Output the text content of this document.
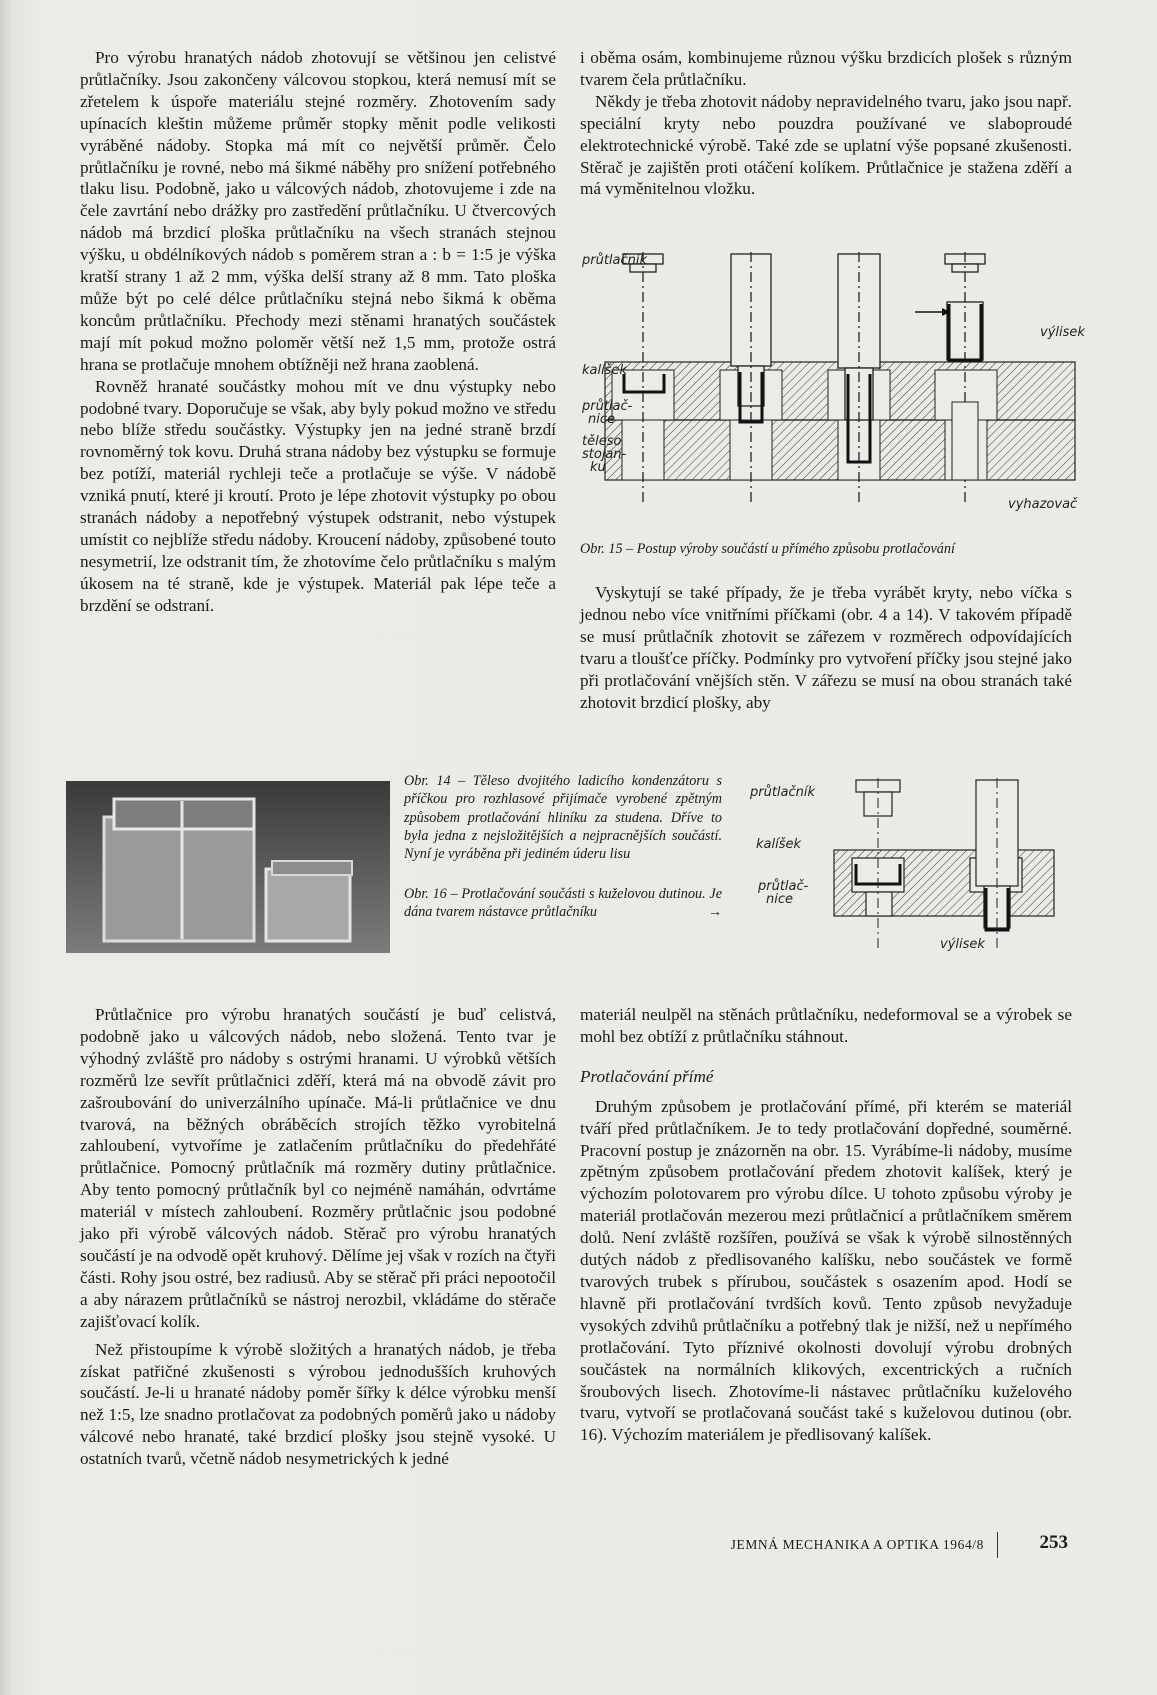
Pro výrobu hranatých nádob zhotovují se většinou jen celistvé průtlačníky. Jsou zakončeny válcovou stopkou, která nemusí mít se zřetelem k úspoře materiálu stejné rozměry. Zhotovením sady upínacích kleštin můžeme průměr stopky měnit podle velikosti vyráběné nádoby. Stopka má mít co největší průměr. Čelo průtlačníku je rovné, nebo má šikmé náběhy pro snížení potřebného tlaku lisu. Podobně, jako u válcových nádob, zhotovujeme i zde na čele zavrtání nebo drážky pro zastředění průtlačníku. U čtvercových nádob má brzdicí ploška průtlačníku na všech stranách stejnou výšku, u obdélníkových nádob s poměrem stran a : b = 1:5 je výška kratší strany 1 až 2 mm, výška delší strany až 8 mm. Tato ploška může být po celé délce průtlačníku stejná nebo šikmá k oběma koncům průtlačníku. Přechody mezi stěnami hranatých součástek mají mít pokud možno poloměr větší než 1,5 mm, protože ostrá hrana se protlačuje mnohem obtížněji než hrana zaoblená.

Rovněž hranaté součástky mohou mít ve dnu výstupky nebo podobné tvary. Doporučuje se však, aby byly pokud možno ve středu nebo blíže středu součástky. Výstupky jen na jedné straně brzdí rovnoměrný tok kovu. Druhá strana nádoby bez výstupku se formuje bez potíží, materiál rychleji teče a protlačuje se výše. V nádobě vzniká pnutí, které ji kroutí. Proto je lépe zhotovit výstupky po obou stranách nádoby a nepotřebný výstupek odstranit, nebo výstupek umístit co nejblíže středu nádoby. Kroucení nádoby, způsobené touto nesymetrií, lze odstranit tím, že zhotovíme čelo průtlačníku s malým úkosem na té straně, kde je výstupek. Materiál pak lépe teče a brzdění se odstraní.

i oběma osám, kombinujeme různou výšku brzdicích plošek s různým tvarem čela průtlačníku.

Někdy je třeba zhotovit nádoby nepravidelného tvaru, jako jsou např. speciální kryty nebo pouzdra používané ve slaboproudé elektrotechnické výrobě. Také zde se uplatní výše popsané zkušenosti. Stěrač je zajištěn proti otáčení kolíkem. Průtlačnice je stažena zděří a má vyměnitelnou vložku.

průtlačník
kalíšek
průtlač-
nice
těleso
stojan-
ku
výlisek
vyhazovač
Obr. 15 – Postup výroby součástí u přímého způsobu protlačování

Vyskytují se také případy, že je třeba vyrábět kryty, nebo víčka s jednou nebo více vnitřními příčkami (obr. 4 a 14). V takovém případě se musí průtlačník zhotovit se zářezem v rozměrech odpovídajících tvaru a tloušťce příčky. Podmínky pro vytvoření příčky jsou stejné jako při protlačování vnějších stěn. V zářezu se musí na obou stranách také zhotovit brzdicí plošky, aby

Obr. 14 – Těleso dvojitého ladicího kondenzátoru s příčkou pro rozhlasové přijímače vyrobené zpětným způsobem protlačování hliníku za studena. Dříve to byla jedna z nejsložitějších a nejpracnějších součástí. Nyní je vyráběna při jediném úderu lisu
Obr. 16 – Protlačování součásti s kuželovou dutinou. Je dána tvarem nástavce průtlačníku	→
průtlačník
kalíšek
průtlač-
nice
výlisek

Průtlačnice pro výrobu hranatých součástí je buď celistvá, podobně jako u válcových nádob, nebo složená. Tento tvar je výhodný zvláště pro nádoby s ostrými hranami. U výrobků větších rozměrů lze sevřít průtlačnici zděří, která má na obvodě závit pro zašroubování do univerzálního upínače. Má-li průtlačnice ve dnu tvarová, na běžných obráběcích strojích těžko vyrobitelná zahloubení, vytvoříme je zatlačením průtlačníku do předehřáté průtlačnice. Pomocný průtlačník má rozměry dutiny průtlačnice. Aby tento pomocný průtlačník byl co nejméně namáhán, odvrtáme materiál v místech zahloubení. Rozměry průtlačnic jsou podobné jako při výrobě válcových nádob. Stěrač pro výrobu hranatých součástí je na odvodě opět kruhový. Dělíme jej však v rozích na čtyři části. Rohy jsou ostré, bez radiusů. Aby se stěrač při práci nepootočil a aby nárazem průtlačníků se nástroj nerozbil, vkládáme do stěrače zajišťovací kolík.

Než přistoupíme k výrobě složitých a hranatých nádob, je třeba získat patřičné zkušenosti s výrobou jednodušších kruhových součástí. Je-li u hranaté nádoby poměr šířky k délce výrobku menší než 1:5, lze snadno protlačovat za podobných poměrů jako u nádoby válcové nebo hranaté, také brzdicí plošky jsou stejně vysoké. U ostatních tvarů, včetně nádob nesymetrických k jedné

materiál neulpěl na stěnách průtlačníku, nedeformoval se a výrobek se mohl bez obtíží z průtlačníku stáhnout.

Protlačování přímé

Druhým způsobem je protlačování přímé, při kterém se materiál tváří před průtlačníkem. Je to tedy protlačování dopředné, souměrné. Pracovní postup je znázorněn na obr. 15. Vyrábíme-li nádoby, musíme zpětným způsobem protlačování předem zhotovit kalíšek, který je výchozím polotovarem pro výrobu dílce. U tohoto způsobu výroby je materiál protlačován mezerou mezi průtlačnicí a průtlačníkem směrem dolů. Není zvláště rozšířen, používá se však k výrobě silnostěnných dutých nádob z předlisovaného kalíšku, nebo součástek ve formě tvarových trubek s přírubou, součástek s osazením apod. Hodí se hlavně při protlačování tvrdších kovů. Tento způsob nevyžaduje vysokých zdvihů průtlačníku a potřebný tlak je nižší, než u nepřímého protlačování. Tyto příznivé okolnosti dovolují výrobu drobných součástek na normálních klikových, excentrických a ručních šroubových lisech. Zhotovíme-li nástavec průtlačníku kuželového tvaru, vytvoří se protlačovaná součást také s kuželovou dutinou (obr. 16). Výchozím materiálem je předlisovaný kalíšek.

JEMNÁ MECHANIKA A OPTIKA 1964/8	253
